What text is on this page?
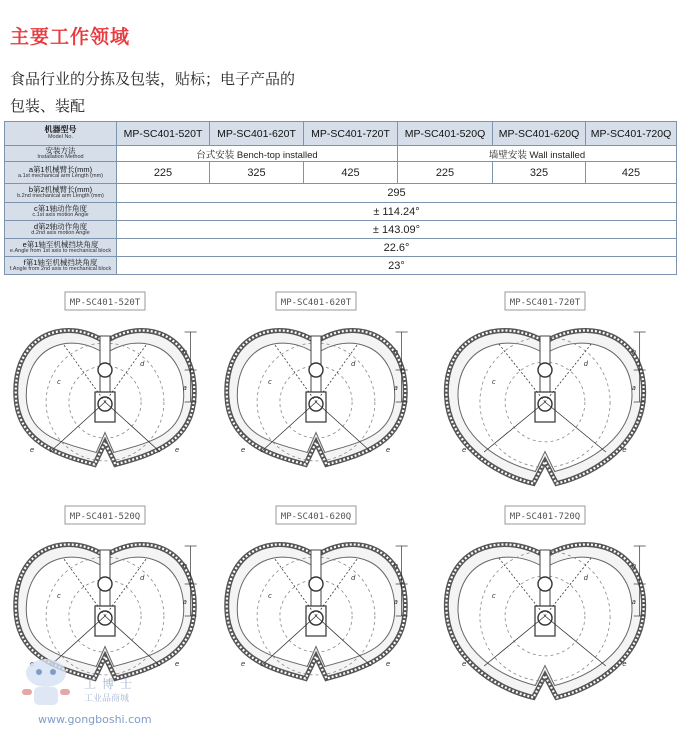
主要工作领域
食品行业的分拣及包装，贴标；电子产品的
包装、装配
机器型号
Model No.	MP-SC401-520T	MP-SC401-620T	MP-SC401-720T	MP-SC401-520Q	MP-SC401-620Q	MP-SC401-720Q

安装方法
Installation Method	台式安装 Bench-top installed			墙壁安装 Wall installed		

a第1机械臂长(mm)
a.1st mechanical arm Length (mm)	225	325	425	225	325	425

b第2机械臂长(mm)
b.2nd mechanical arm Length (mm)	295					

c第1轴动作角度
c.1st axis motion Angle	± 114.24°					

d第2轴动作角度
d.2nd axis motion Angle	± 143.09°					

e第1轴至机械挡块角度
e.Angle from 1st axis to mechanical block	22.6°					

f第1轴至机械挡块角度
f.Angle from 2nd axis to mechanical block	23°					
MP-SC401-520T
a
b
c
d
e	e
MP-SC401-620T
a
b
c
d
e	e
MP-SC401-720T
a
b
c
d
e	e
MP-SC401-520Q
a
b
c
d
e
MP-SC401-620Q
a
b
c
d
e	e
MP-SC401-720Q
a
b
c
d
e	e
工博士
工业品商城
www.gongboshi.com
